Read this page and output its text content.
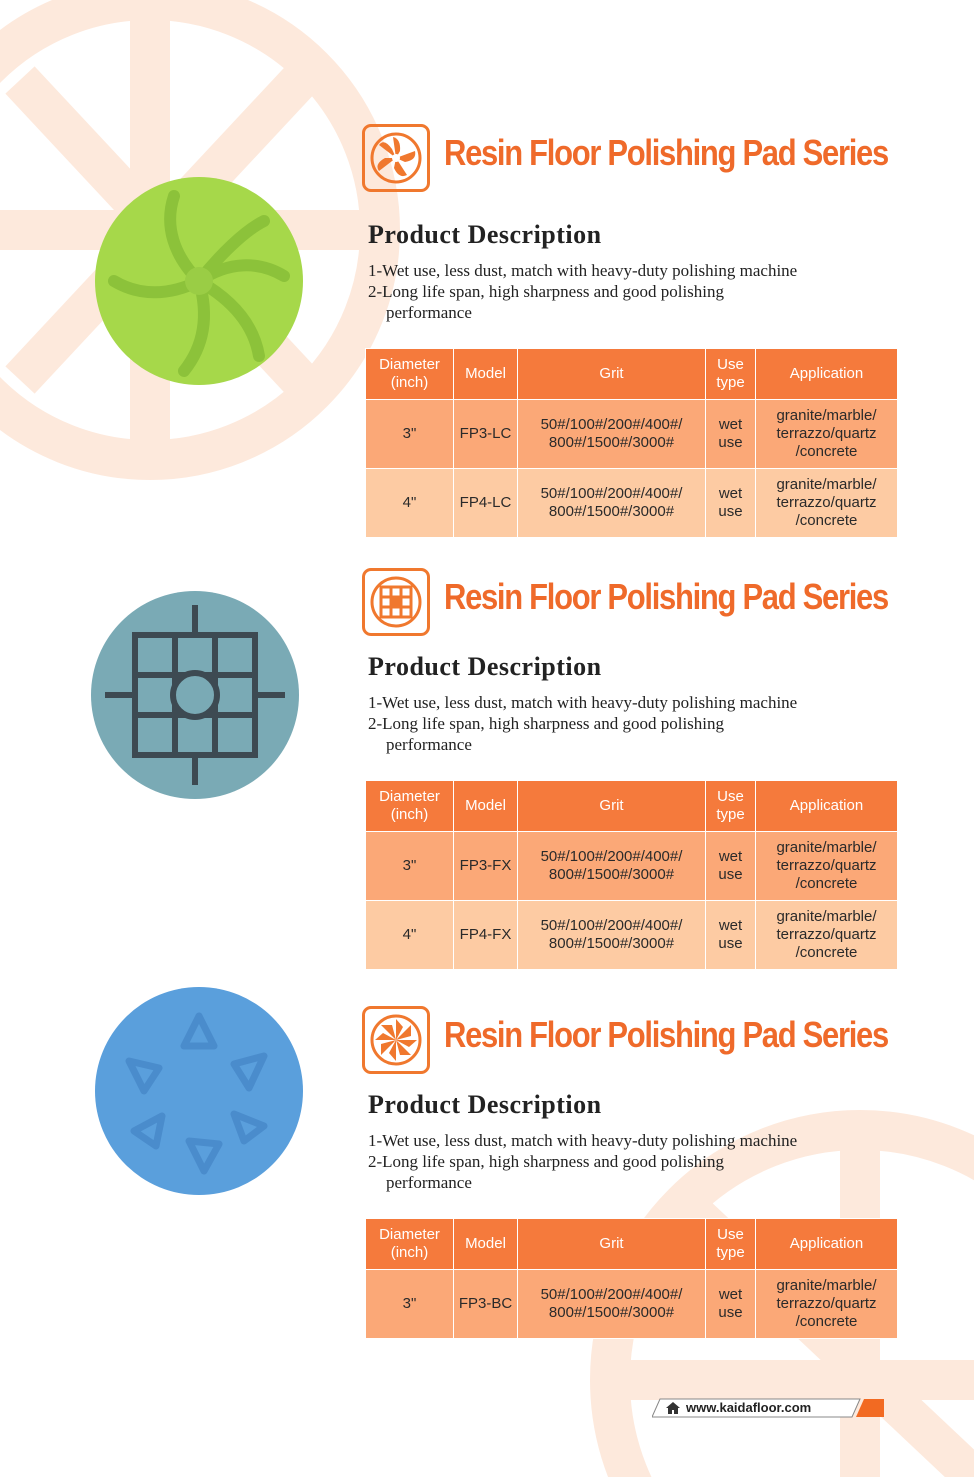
Resin Floor Polishing Pad Series
Product Description
1-Wet use, less dust, match with heavy-duty polishing machine
2-Long life span, high sharpness and good polishing
performance
Diameter (inch)	Model	Grit	Use type	Application
3"	FP3-LC	50#/100#/200#/400#/ 800#/1500#/3000#	wet use	granite/marble/ terrazzo/quartz /concrete
4"	FP4-LC	50#/100#/200#/400#/ 800#/1500#/3000#	wet use	granite/marble/ terrazzo/quartz /concrete
Resin Floor Polishing Pad Series
Product Description
1-Wet use, less dust, match with heavy-duty polishing machine
2-Long life span, high sharpness and good polishing
performance
Diameter (inch)	Model	Grit	Use type	Application
3"	FP3-FX	50#/100#/200#/400#/ 800#/1500#/3000#	wet use	granite/marble/ terrazzo/quartz /concrete
4"	FP4-FX	50#/100#/200#/400#/ 800#/1500#/3000#	wet use	granite/marble/ terrazzo/quartz /concrete
Resin Floor Polishing Pad Series
Product Description
1-Wet use, less dust, match with heavy-duty polishing machine
2-Long life span, high sharpness and good polishing
performance
Diameter (inch)	Model	Grit	Use type	Application
3"	FP3-BC	50#/100#/200#/400#/ 800#/1500#/3000#	wet use	granite/marble/ terrazzo/quartz /concrete
www.kaidafloor.com
